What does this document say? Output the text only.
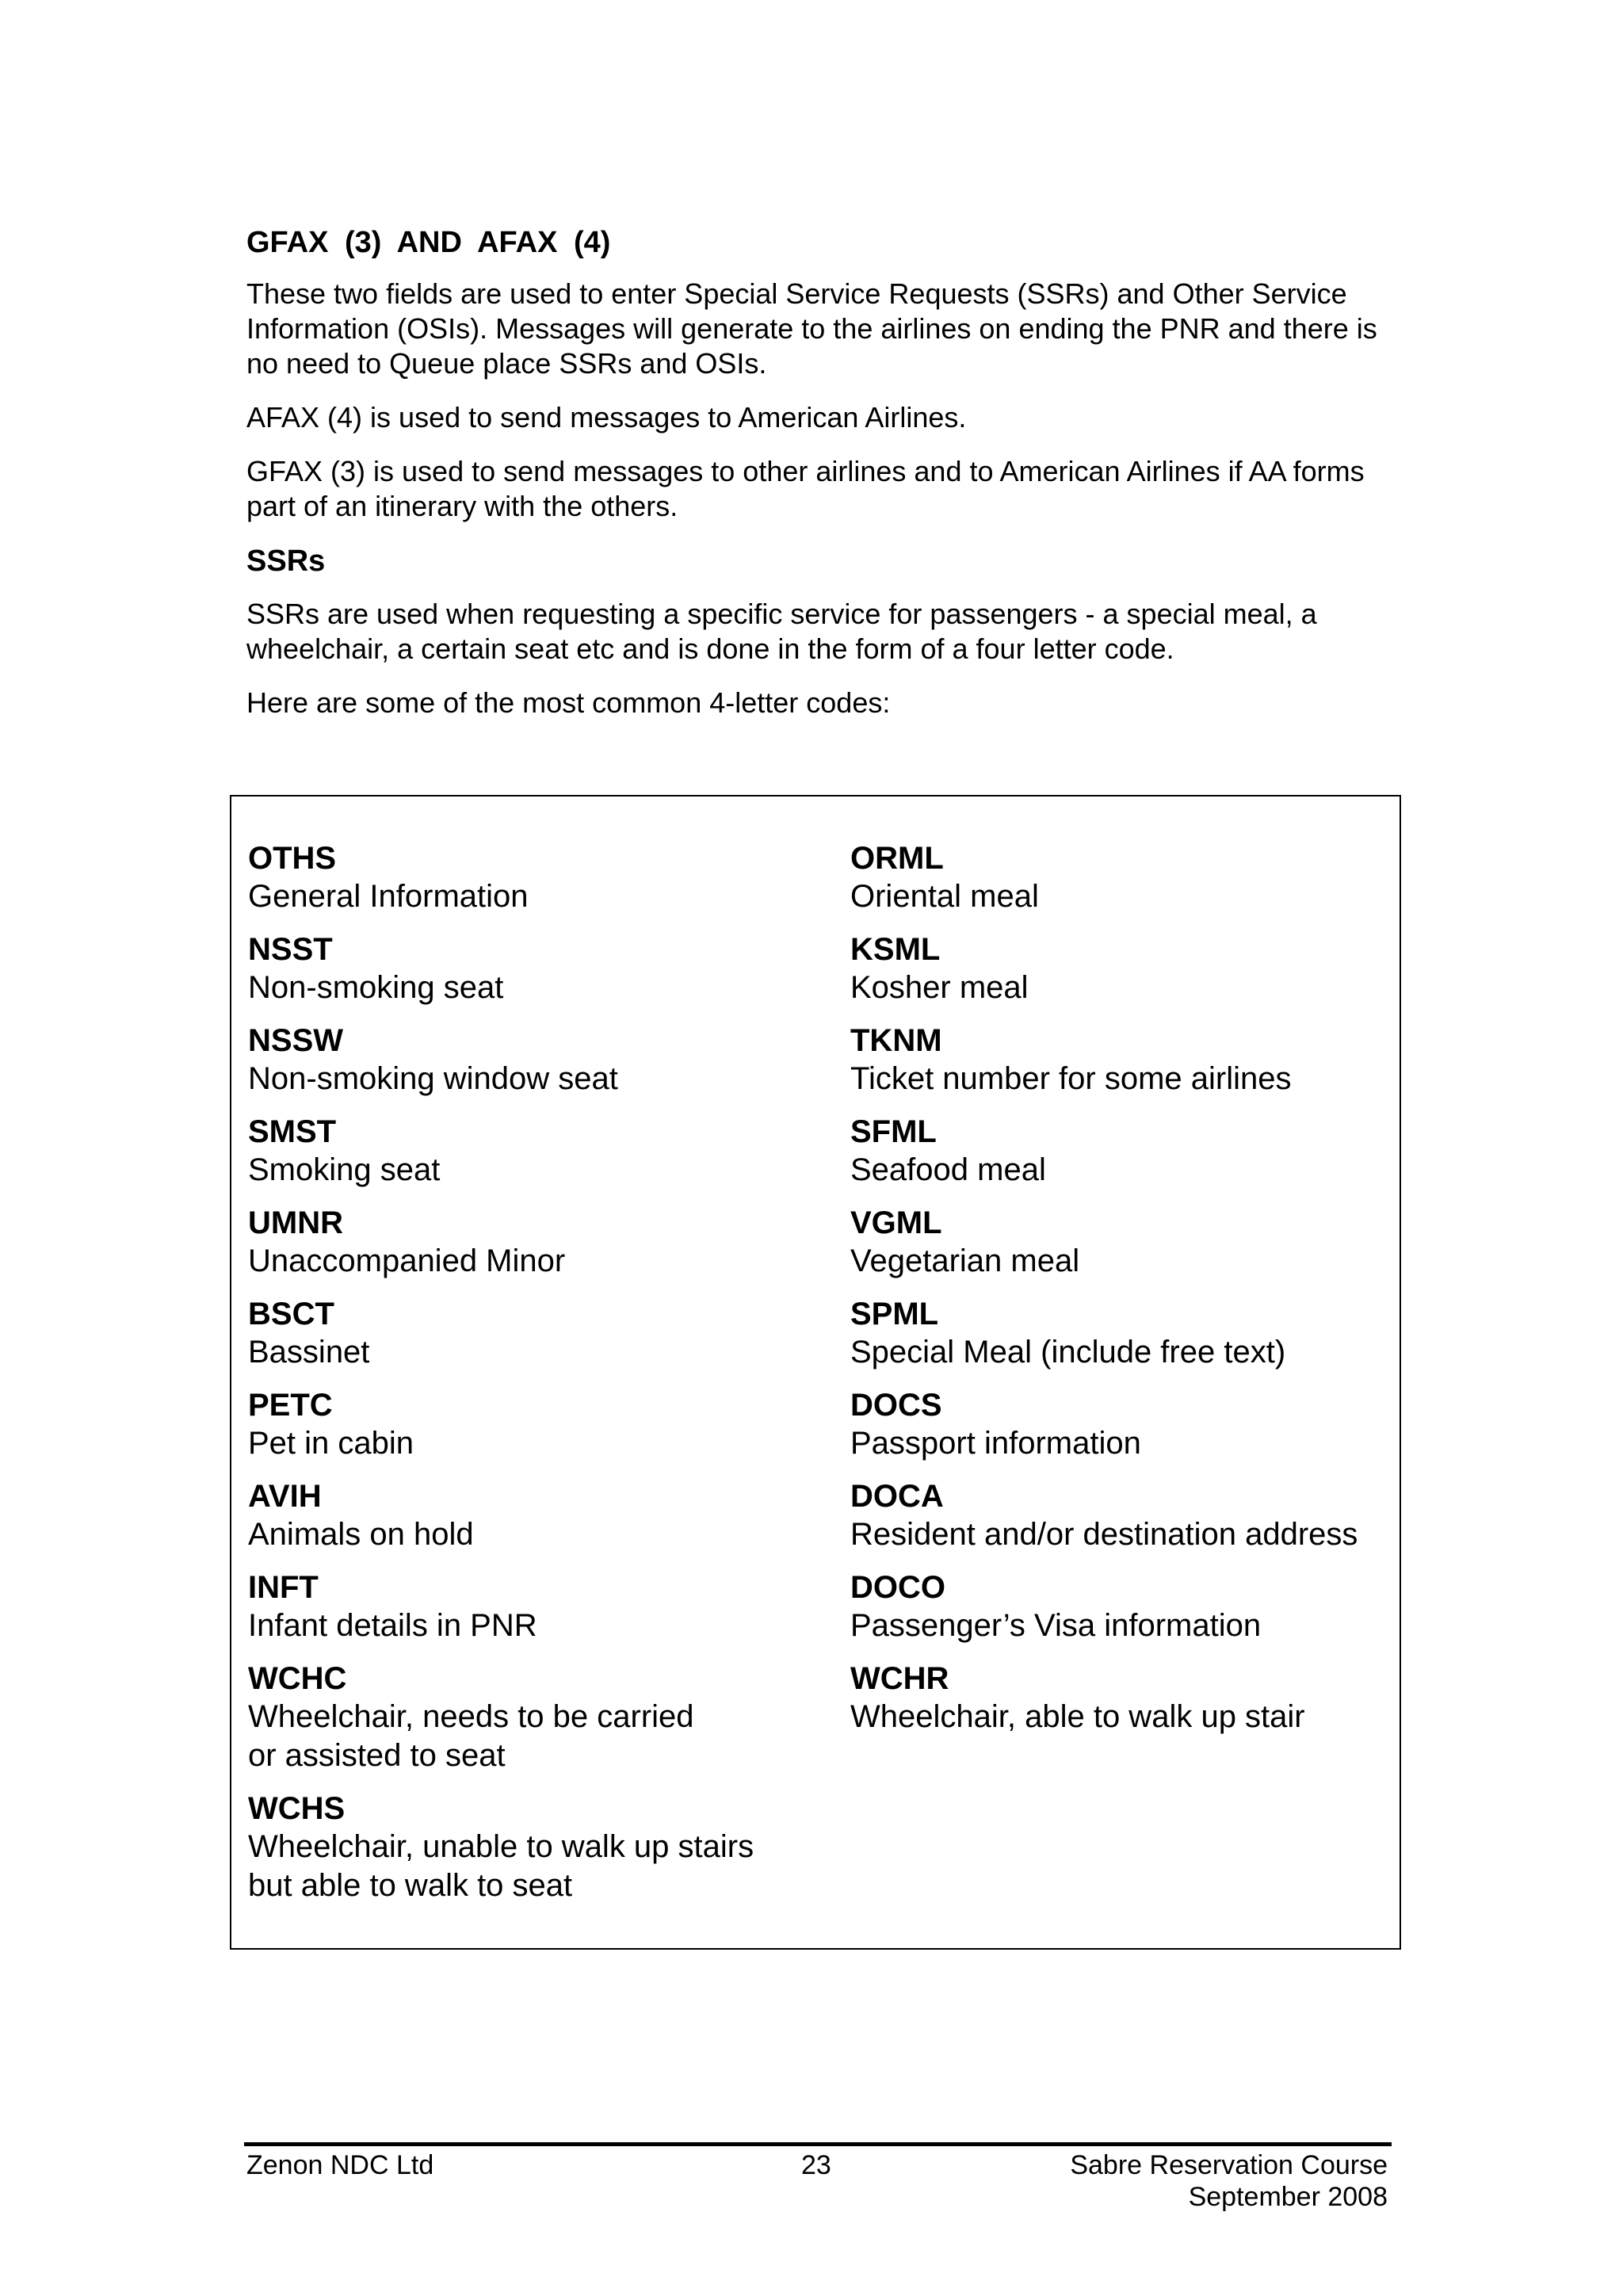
GFAX (3) AND AFAX (4)

These two fields are used to enter Special Service Requests (SSRs) and Other Service Information (OSIs). Messages will generate to the airlines on ending the PNR and there is no need to Queue place SSRs and OSIs.

AFAX (4) is used to send messages to American Airlines.

GFAX (3) is used to send messages to other airlines and to American Airlines if AA forms part of an itinerary with the others.

SSRs

SSRs are used when requesting a specific service for passengers - a special meal, a wheelchair, a certain seat etc and is done in the form of a four letter code.

Here are some of the most common 4-letter codes:

OTHS
General Information
NSST
Non-smoking seat
NSSW
Non-smoking window seat
SMST
Smoking seat
UMNR
Unaccompanied Minor
BSCT
Bassinet
PETC
Pet in cabin
AVIH
Animals on hold
INFT
Infant details in PNR
WCHC
Wheelchair, needs to be carried
or assisted to seat
WCHS
Wheelchair, unable to walk up stairs
but able to walk to seat
ORML
Oriental meal
KSML
Kosher meal
TKNM
Ticket number for some airlines
SFML
Seafood meal
VGML
Vegetarian meal
SPML
Special Meal (include free text)
DOCS
Passport information
DOCA
Resident and/or destination address
DOCO
Passenger’s Visa information
WCHR
Wheelchair, able to walk up stair
Zenon NDC Ltd	23	Sabre Reservation Course
September 2008
